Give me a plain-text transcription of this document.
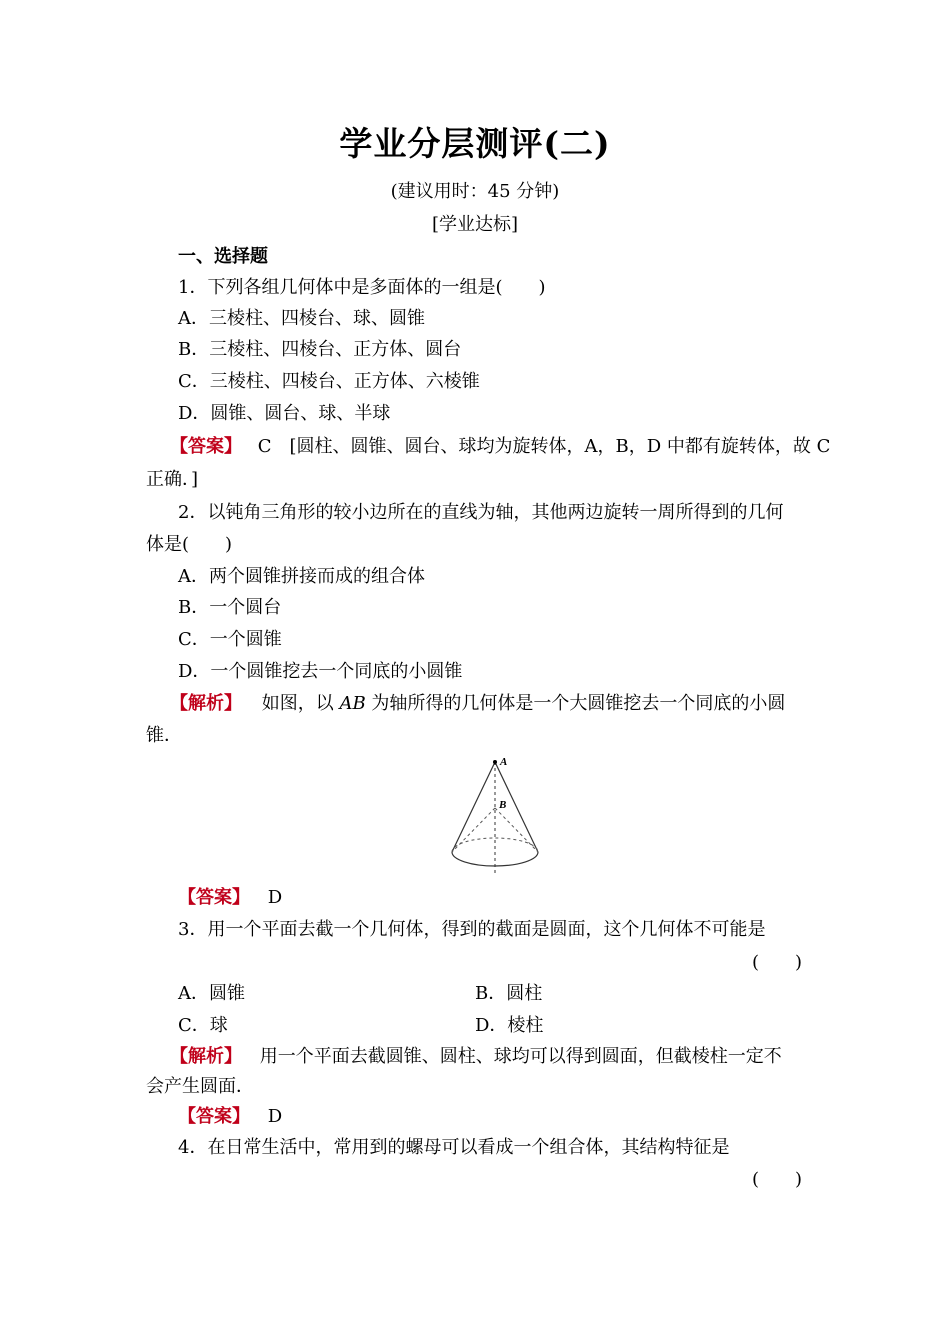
学业分层测评(二)
(建议用时：45 分钟)
[学业达标]
一、选择题
1．下列各组几何体中是多面体的一组是(　　)
A．三棱柱、四棱台、球、圆锥
B．三棱柱、四棱台、正方体、圆台
C．三棱柱、四棱台、正方体、六棱锥
D．圆锥、圆台、球、半球
【答案】 C　[圆柱、圆锥、圆台、球均为旋转体，A，B，D 中都有旋转体，故 C
正确．]
2．以钝角三角形的较小边所在的直线为轴，其他两边旋转一周所得到的几何
体是(　　)
A．两个圆锥拼接而成的组合体
B．一个圆台
C．一个圆锥
D．一个圆锥挖去一个同底的小圆锥
【解析】 如图，以 AB 为轴所得的几何体是一个大圆锥挖去一个同底的小圆
锥．
A
B
【答案】 D
3．用一个平面去截一个几何体，得到的截面是圆面，这个几何体不可能是
(　　)
A．圆锥	B．圆柱
C．球	D．棱柱
【解析】 用一个平面去截圆锥、圆柱、球均可以得到圆面，但截棱柱一定不
会产生圆面．
【答案】 D
4．在日常生活中，常用到的螺母可以看成一个组合体，其结构特征是
(　　)
